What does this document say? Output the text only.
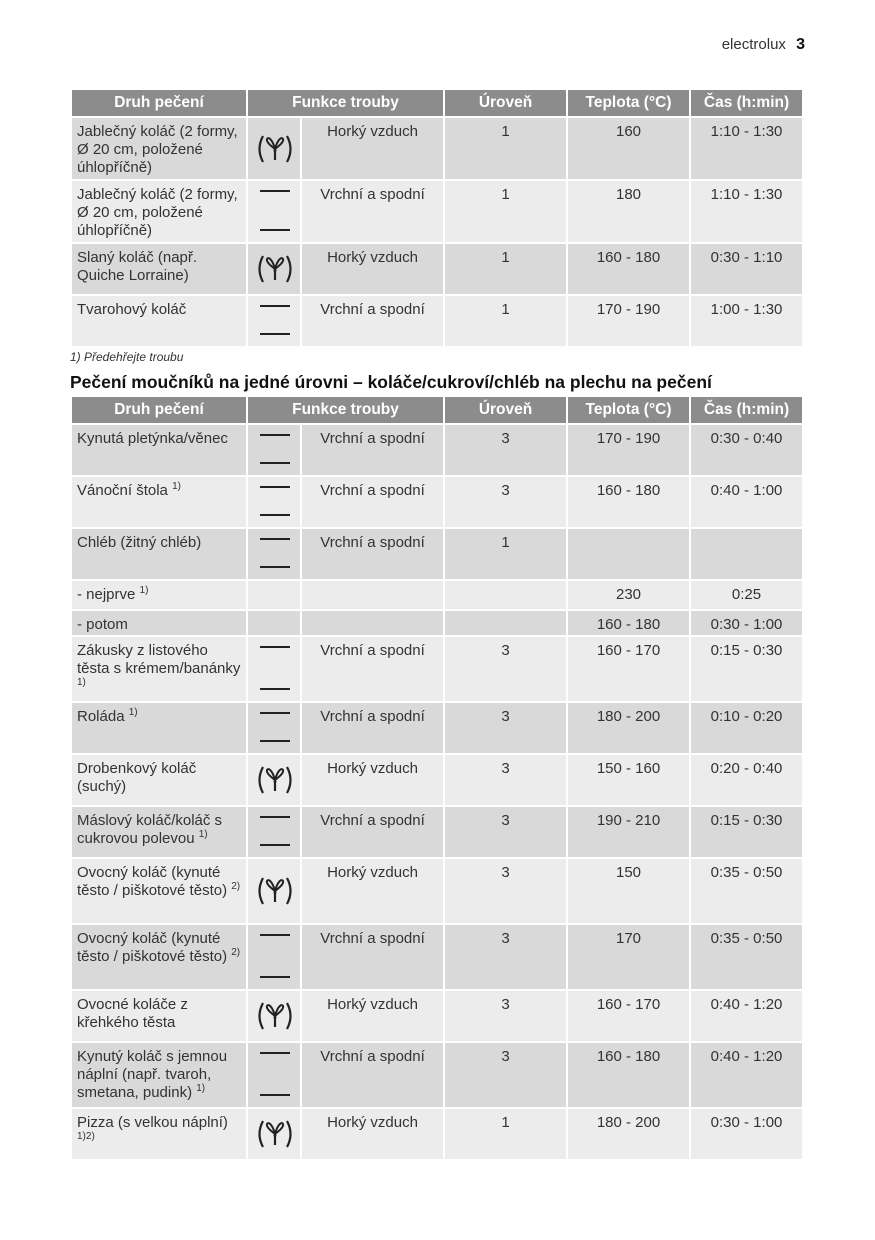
electrolux 3
Druh pečení	Funkce trouby		Úroveň	Teplota (°C)	Čas (h:min)
Jablečný koláč (2 formy, Ø 20 cm, položené úhlopříčně)		Horký vzduch	1	160	1:10 - 1:30
Jablečný koláč (2 formy, Ø 20 cm, položené úhlopříčně)		Vrchní a spodní	1	180	1:10 - 1:30
Slaný koláč (např. Quiche Lorraine)		Horký vzduch	1	160 - 180	0:30 - 1:10
Tvarohový koláč		Vrchní a spodní	1	170 - 190	1:00 - 1:30
1) Předehřejte troubu
Pečení moučníků na jedné úrovni – koláče/cukroví/chléb na plechu na pečení
Druh pečení	Funkce trouby		Úroveň	Teplota (°C)	Čas (h:min)
Kynutá pletýnka/věnec		Vrchní a spodní	3	170 - 190	0:30 - 0:40
Vánoční štola $^{1)}$		Vrchní a spodní	3	160 - 180	0:40 - 1:00
Chléb (žitný chléb)		Vrchní a spodní	1		
- nejprve $^{1)}$				230	0:25
- potom				160 - 180	0:30 - 1:00
Zákusky z listového těsta s krémem/banánky $^{1)}$		Vrchní a spodní	3	160 - 170	0:15 - 0:30
Roláda $^{1)}$		Vrchní a spodní	3	180 - 200	0:10 - 0:20
Drobenkový koláč (suchý)		Horký vzduch	3	150 - 160	0:20 - 0:40
Máslový koláč/koláč s cukrovou polevou $^{1)}$		Vrchní a spodní	3	190 - 210	0:15 - 0:30
Ovocný koláč (kynuté těsto / piškotové těsto) $^{2)}$		Horký vzduch	3	150	0:35 - 0:50
Ovocný koláč (kynuté těsto / piškotové těsto) $^{2)}$		Vrchní a spodní	3	170	0:35 - 0:50
Ovocné koláče z křehkého těsta		Horký vzduch	3	160 - 170	0:40 - 1:20
Kynutý koláč s jemnou náplní (např. tvaroh, smetana, pudink) $^{1)}$		Vrchní a spodní	3	160 - 180	0:40 - 1:20
Pizza (s velkou náplní) $^{1)2)}$		Horký vzduch	1	180 - 200	0:30 - 1:00
